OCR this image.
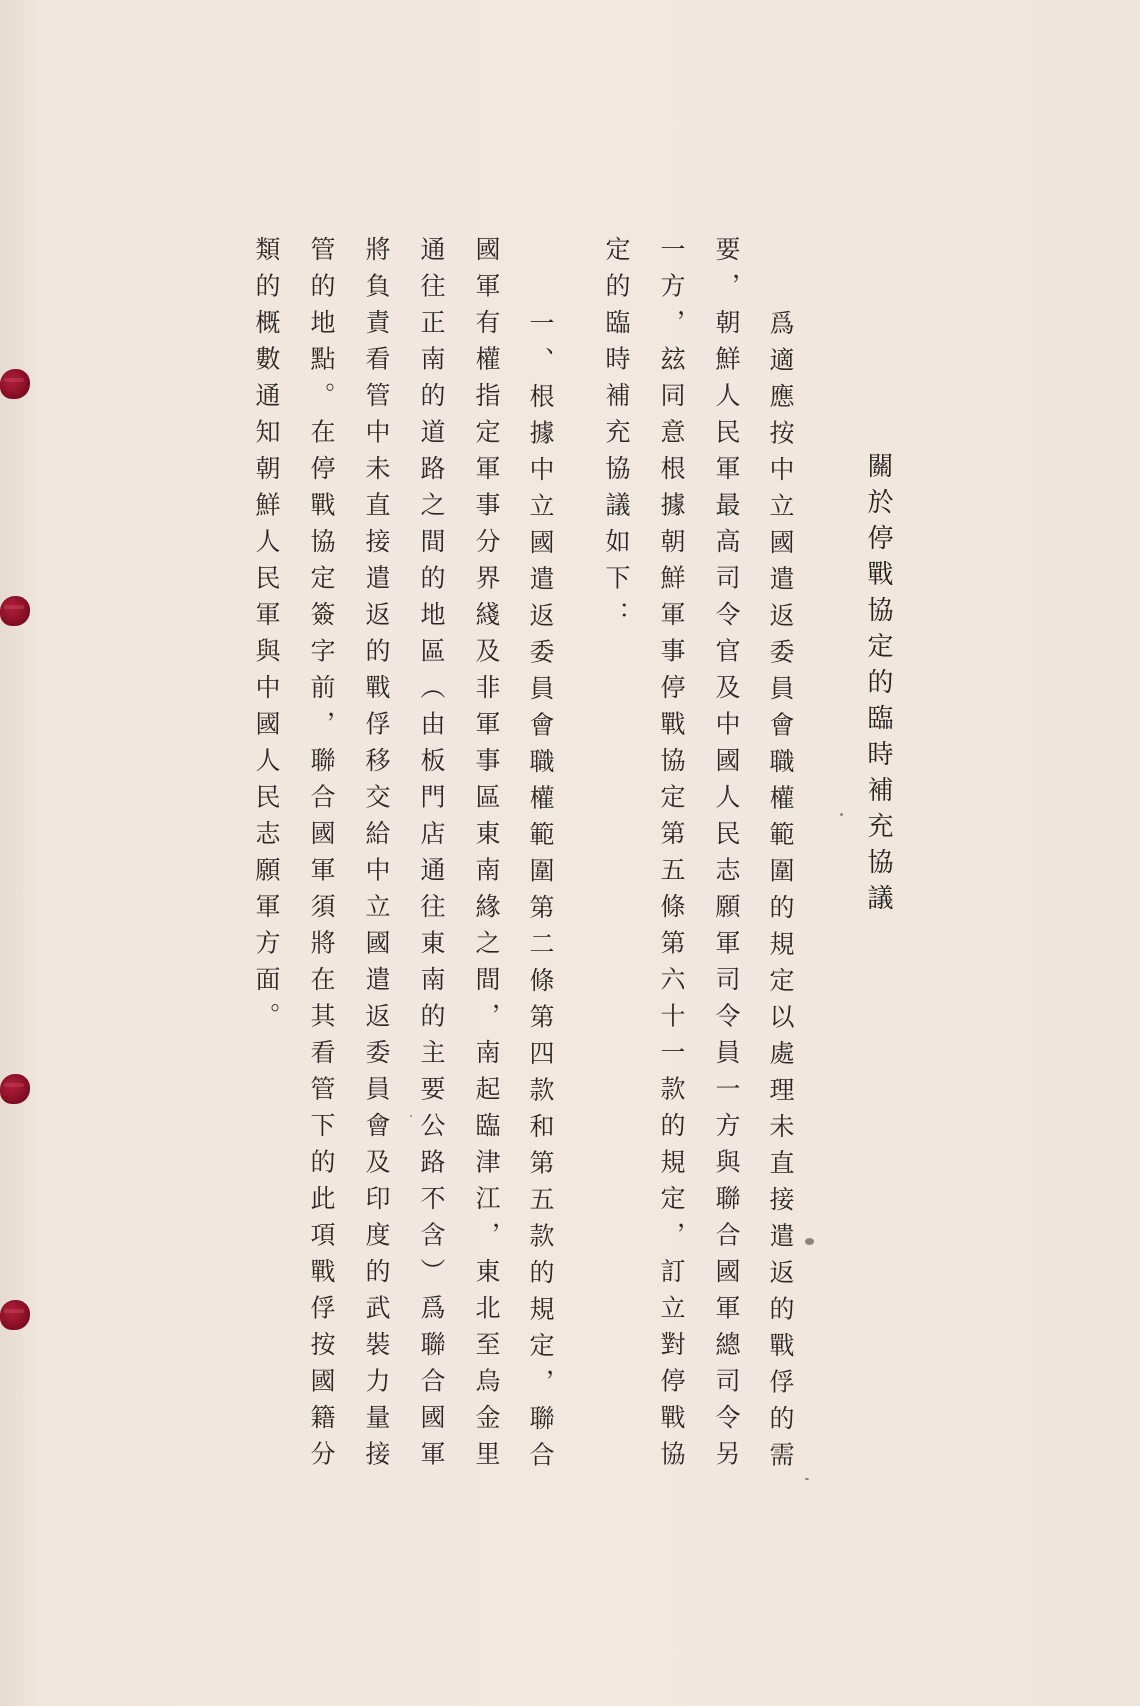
關於停戰協定的臨時補充協議
爲適應按中立國遣返委員會職權範圍的規定以處理未直接遣返的戰俘的需
要，朝鮮人民軍最高司令官及中國人民志願軍司令員一方與聯合國軍總司令另
一方，玆同意根據朝鮮軍事停戰協定第五條第六十一款的規定，訂立對停戰協
定的臨時補充協議如下：
一、根據中立國遣返委員會職權範圍第二條第四款和第五款的規定，聯合
國軍有權指定軍事分界綫及非軍事區東南緣之間，南起臨津江，東北至烏金里
通往正南的道路之間的地區（由板門店通往東南的主要公路不含）爲聯合國軍
將負責看管中未直接遣返的戰俘移交給中立國遣返委員會及印度的武裝力量接
管的地點。在停戰協定簽字前，聯合國軍須將在其看管下的此項戰俘按國籍分
類的概數通知朝鮮人民軍與中國人民志願軍方面。
